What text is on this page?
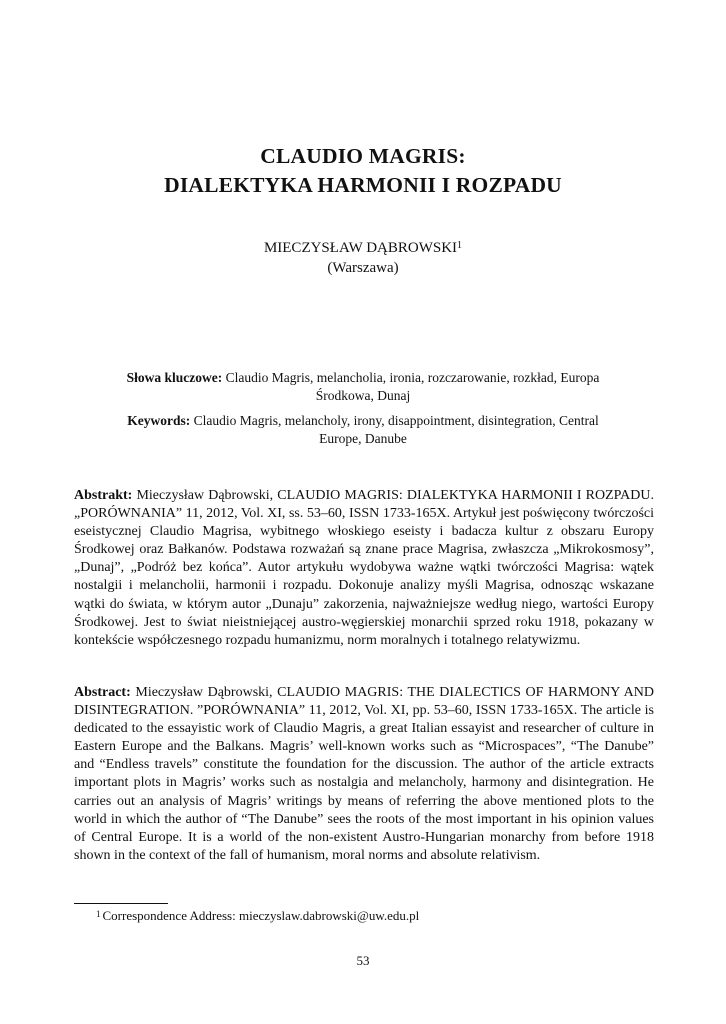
CLAUDIO MAGRIS:
DIALEKTYKA HARMONII I ROZPADU
MIECZYSŁAW DĄBROWSKI$^1$
(Warszawa)
Słowa kluczowe: Claudio Magris, melancholia, ironia, rozczarowanie, rozkład, Europa Środkowa, Dunaj
Keywords: Claudio Magris, melancholy, irony, disappointment, disintegration, Central Europe, Danube
Abstrakt: Mieczysław Dąbrowski, CLAUDIO MAGRIS: DIALEKTYKA HARMONII I ROZPADU. „PORÓWNANIA” 11, 2012, Vol. XI, ss. 53–60, ISSN 1733-165X. Artykuł jest poświęcony twórczości eseistycznej Claudio Magrisa, wybitnego włoskiego eseisty i badacza kultur z obszaru Europy Środkowej oraz Bałkanów. Podstawa rozważań są znane prace Magrisa, zwłaszcza „Mikrokosmosy”, „Dunaj”, „Podróż bez końca”. Autor artykułu wydobywa ważne wątki twórczości Magrisa: wątek nostalgii i melancholii, harmonii i rozpadu. Dokonuje analizy myśli Magrisa, odnosząc wskazane wątki do świata, w którym autor „Dunaju” zakorzenia, najważniejsze według niego, wartości Europy Środkowej. Jest to świat nieistniejącej austro-węgierskiej monarchii sprzed roku 1918, pokazany w kontekście współczesnego rozpadu humanizmu, norm moralnych i totalnego relatywizmu.
Abstract: Mieczysław Dąbrowski, CLAUDIO MAGRIS: THE DIALECTICS OF HARMONY AND DISINTEGRATION. ”PORÓWNANIA” 11, 2012, Vol. XI, pp. 53–60, ISSN 1733-165X. The article is dedicated to the essayistic work of Claudio Magris, a great Italian essayist and researcher of culture in Eastern Europe and the Balkans. Magris’ well-known works such as “Microspaces”, “The Danube” and “Endless travels” constitute the foundation for the discussion. The author of the article extracts important plots in Magris’ works such as nostalgia and melancholy, harmony and disintegration. He carries out an analysis of Magris’ writings by means of referring the above mentioned plots to the world in which the author of “The Danube” sees the roots of the most important in his opinion values of Central Europe. It is a world of the non-existent Austro-Hungarian monarchy from before 1918 shown in the context of the fall of humanism, moral norms and absolute relativism.
$^1$ Correspondence Address: mieczyslaw.dabrowski@uw.edu.pl
53
